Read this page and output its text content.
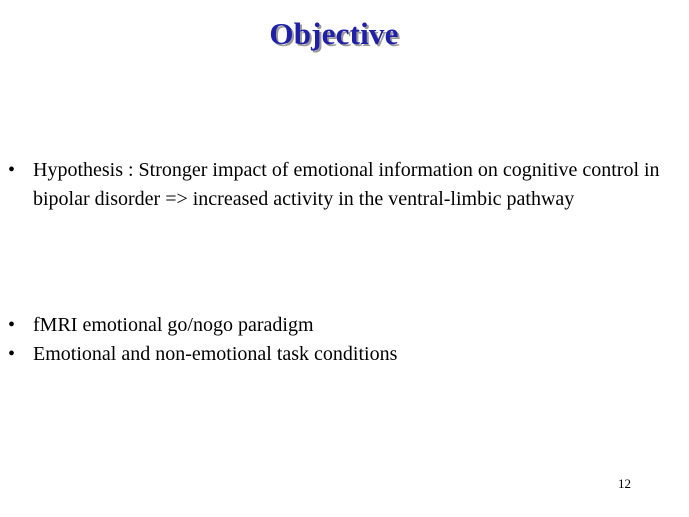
Objective
• Hypothesis : Stronger impact of emotional information on cognitive control in bipolar disorder => increased activity in the ventral-limbic pathway
• fMRI emotional go/nogo paradigm
• Emotional and non-emotional task conditions
12
